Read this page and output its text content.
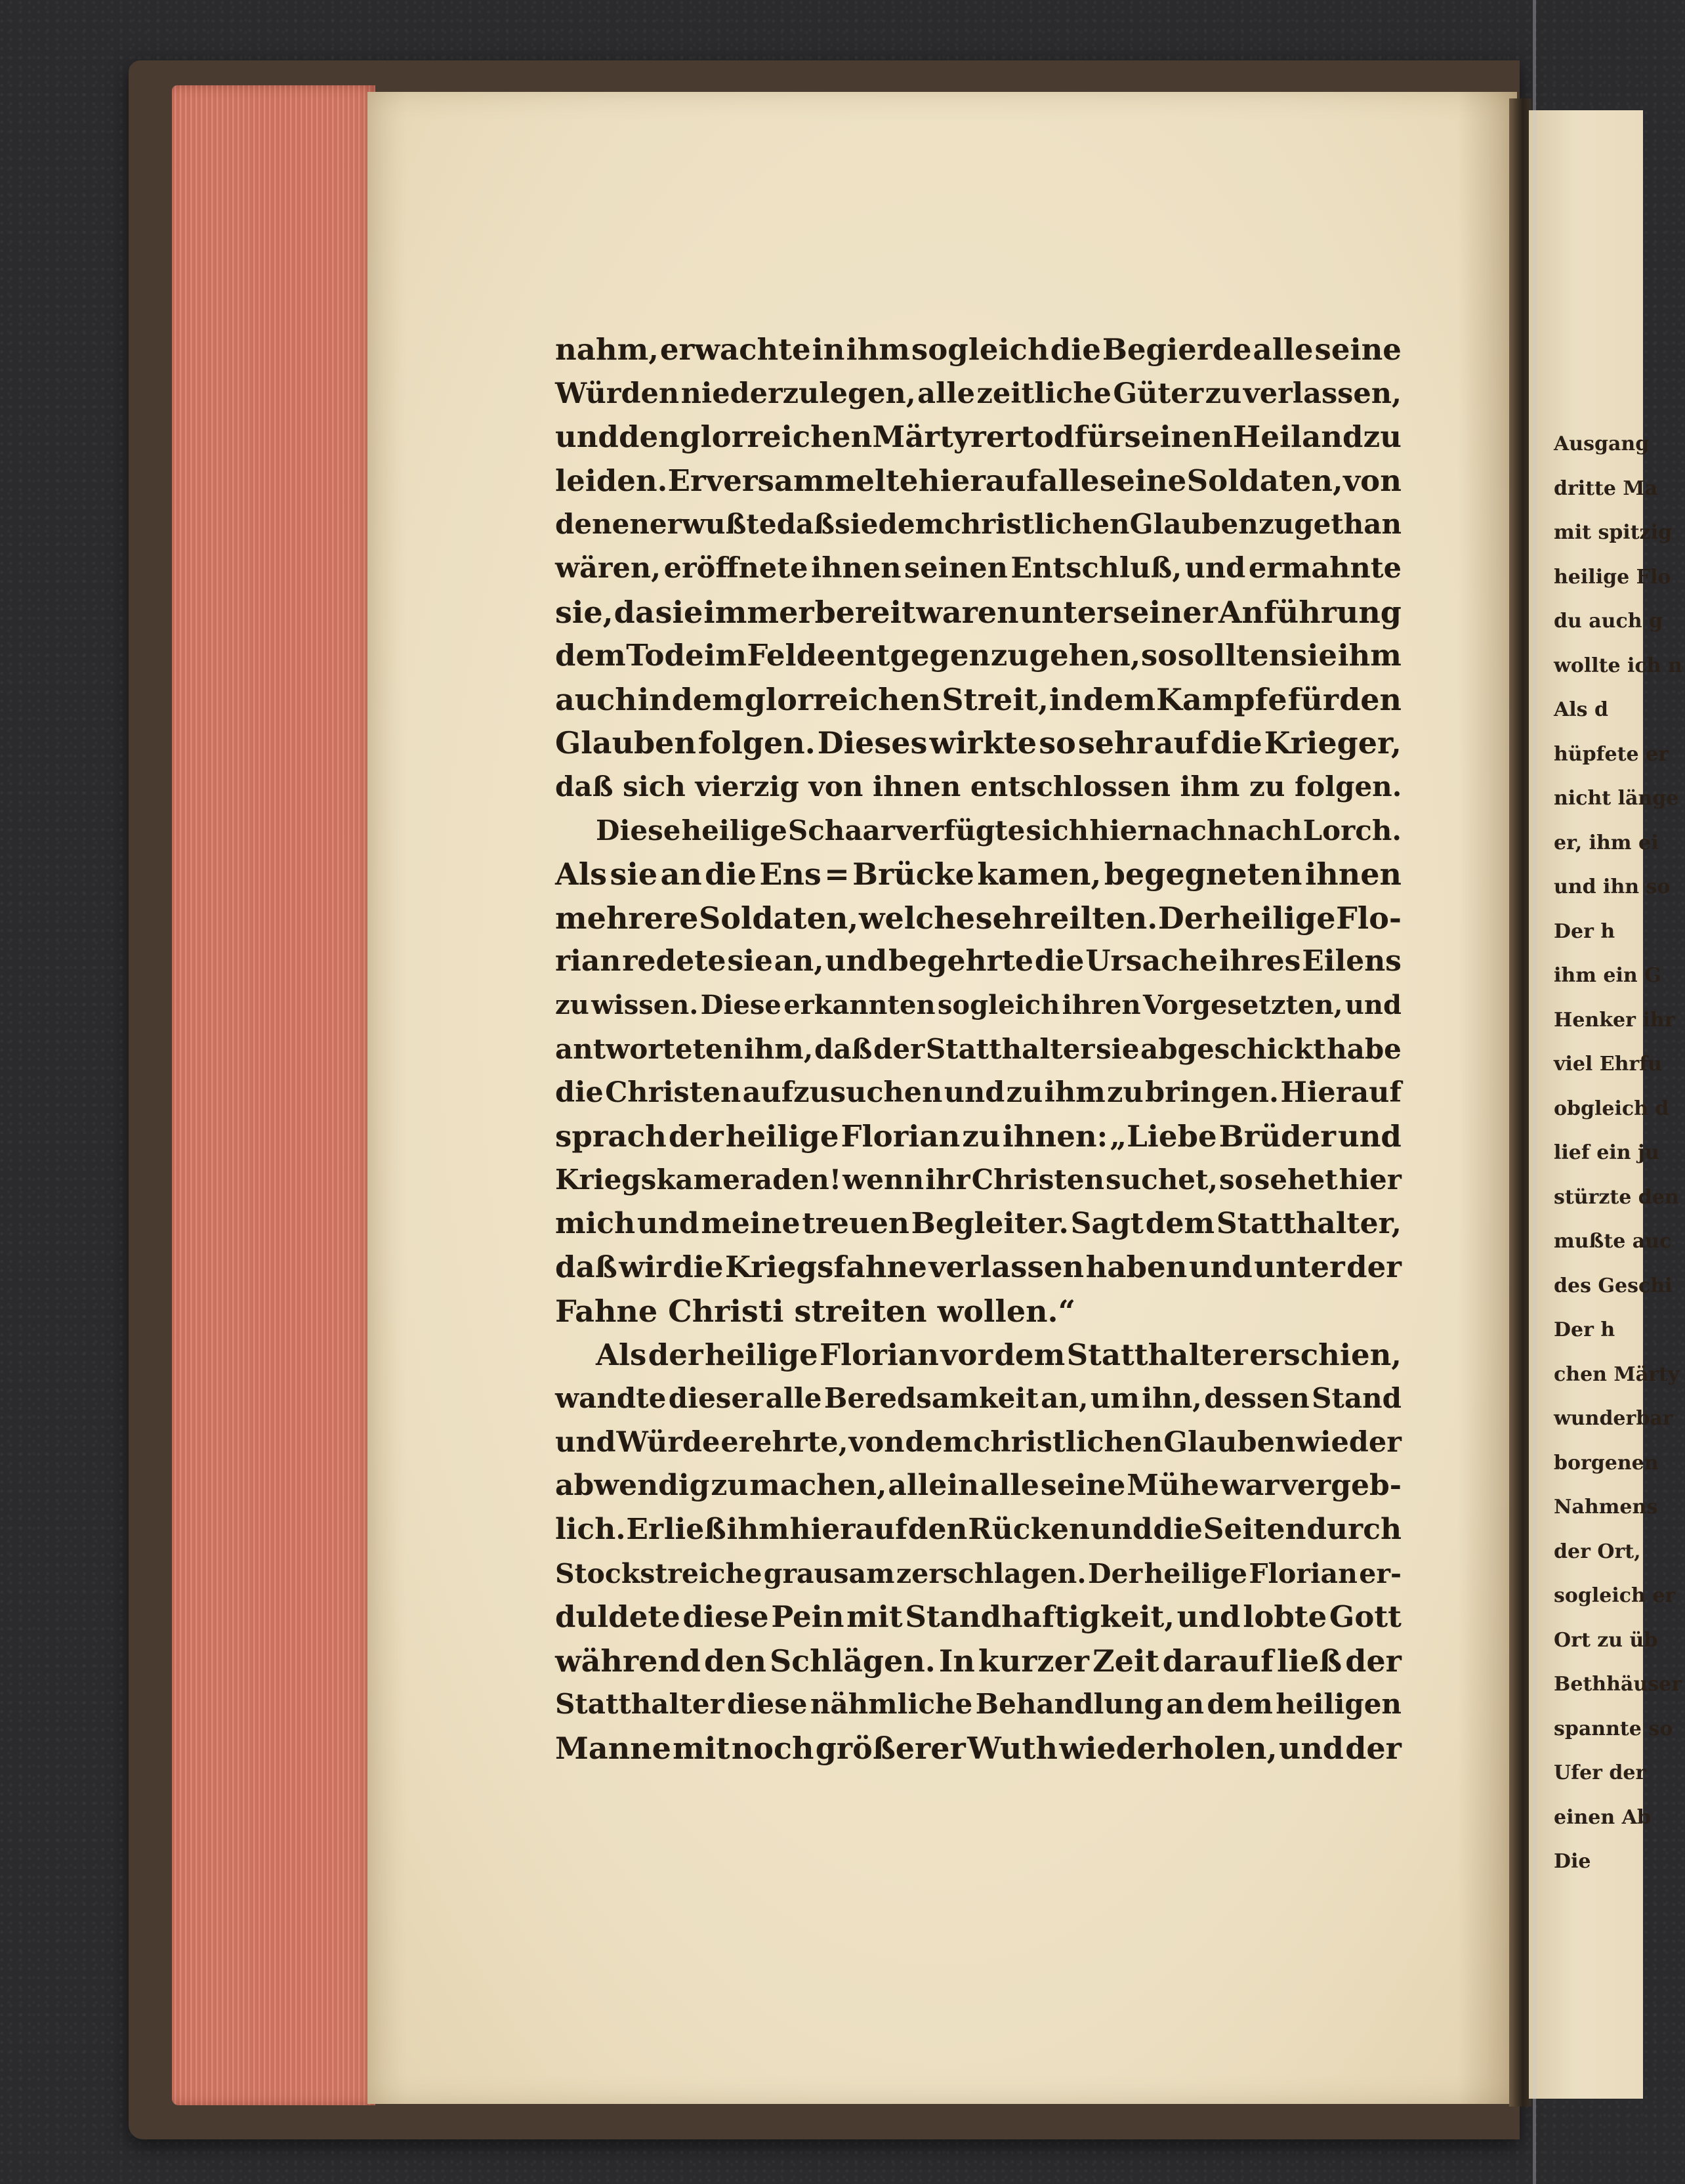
nahm, erwachte in ihm sogleich die Begierde alle seine
Würden niederzulegen, alle zeitliche Güter zu verlassen,
und den glorreichen Märtyrertod für seinen Heiland zu
leiden. Er versammelte hierauf alle seine Soldaten, von
denen er wußte daß sie dem christlichen Glauben zugethan
wären, eröffnete ihnen seinen Entschluß, und ermahnte
sie, da sie immer bereit waren unter seiner Anführung
dem Tode im Felde entgegen zu gehen, so sollten sie ihm
auch in dem glorreichen Streit, in dem Kampfe für den
Glauben folgen. Dieses wirkte so sehr auf die Krieger,
daß sich vierzig von ihnen entschlossen ihm zu folgen.
Diese heilige Schaar verfügte sich hiernach nach Lorch.
Als sie an die Ens = Brücke kamen, begegneten ihnen
mehrere Soldaten, welche sehr eilten. Der heilige Flo-
rian redete sie an, und begehrte die Ursache ihres Eilens
zu wissen. Diese erkannten sogleich ihren Vorgesetzten, und
antworteten ihm, daß der Statthalter sie abgeschickt habe
die Christen aufzusuchen und zu ihm zu bringen. Hierauf
sprach der heilige Florian zu ihnen: „Liebe Brüder und
Kriegskameraden! wenn ihr Christen suchet, so sehet hier
mich und meine treuen Begleiter. Sagt dem Statthalter,
daß wir die Kriegsfahne verlassen haben und unter der
Fahne Christi streiten wollen.“
Als der heilige Florian vor dem Statthalter erschien,
wandte dieser alle Beredsamkeit an, um ihn, dessen Stand
und Würde er ehrte, von dem christlichen Glauben wieder
abwendig zu machen, allein alle seine Mühe war vergeb-
lich. Er ließ ihm hierauf den Rücken und die Seiten durch
Stockstreiche grausam zerschlagen. Der heilige Florian er-
duldete diese Pein mit Standhaftigkeit, und lobte Gott
während den Schlägen. In kurzer Zeit darauf ließ der
Statthalter diese nähmliche Behandlung an dem heiligen
Manne mit noch größerer Wuth wiederholen, und der
Ausgang
dritte Ma
mit spitzig
heilige Flo
du auch g
wollte ich n
Als d
hüpfete er
nicht länge
er, ihm ei
und ihn so
Der h
ihm ein G
Henker ihr
viel Ehrfu
obgleich d
lief ein ju
stürzte den
mußte auc
des Geschi
Der h
chen Märty
wunderbar
borgenen
Nahmens
der Ort,
sogleich er
Ort zu üb
Bethhäuser
spannte so
Ufer der
einen Ab
Die
